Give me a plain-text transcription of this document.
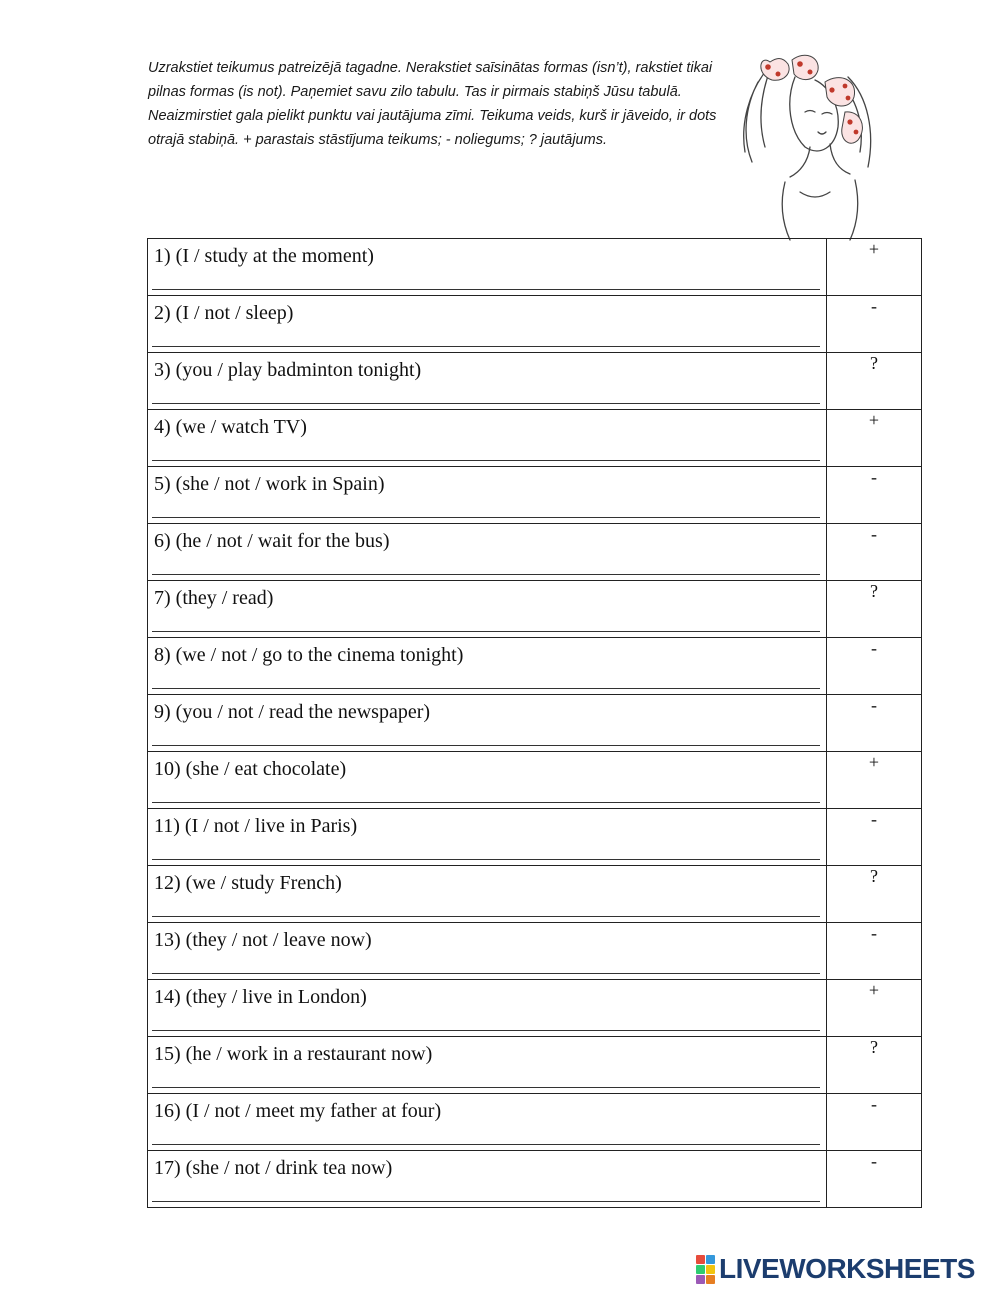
Uzrakstiet teikumus patreizējā tagadne. Nerakstiet saīsinātas formas (isn’t), rakstiet tikai pilnas formas (is not). Paņemiet savu zilo tabulu. Tas ir pirmais stabiņš Jūsu tabulā. Neaizmirstiet gala pielikt punktu vai jautājuma zīmi. Teikuma veids, kurš ir jāveido, ir dots otrajā stabiņā. + parastais stāstījuma teikums; - noliegums; ? jautājums.

1) (I / study at the moment)	+

2) (I / not / sleep)	-

3) (you / play badminton tonight)	?

4) (we / watch TV)	+

5) (she / not / work in Spain)	-

6) (he / not / wait for the bus)	-

7) (they / read)	?

8) (we / not / go to the cinema tonight)	-

9) (you / not / read the newspaper)	-

10) (she / eat chocolate)	+

11) (I / not / live in Paris)	-

12) (we / study French)	?

13) (they / not / leave now)	-

14) (they / live in London)	+

15) (he / work in a restaurant now)	?

16) (I / not / meet my father at four)	-

17) (she / not / drink tea now)	-
LIVEWORKSHEETS
